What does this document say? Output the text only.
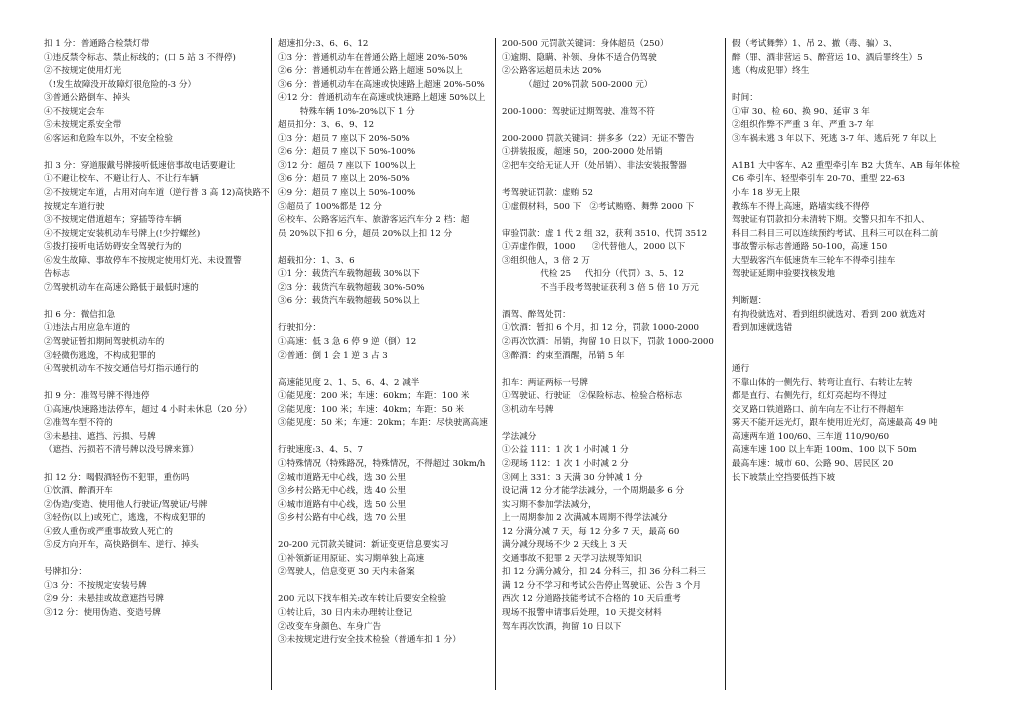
扣 1 分：普通路合检禁灯带
①违反禁令标志、禁止标线的；(口 5 站 3 不得停)
②不按规定使用灯光
（!发生故障没开故障灯很危险的-3 分）
③普通公路倒车、掉头
④不按规定会车
⑤未按规定系安全带
⑥客运和危险车以外，不安全检验
扣 3 分：穿道服戴号牌接听低速倍事故电话要避让
①不避让校车、不避让行人、不让行车辆
②不按规定车道，占用对向车道（逆行普 3 高 12)高快路不
按规定车道行驶
③不按规定借道超车；穿插等待车辆
④不按规定安装机动车号牌上(!少拧螺丝)
⑤拨打接听电话妨碍安全驾驶行为的
⑥发生故障、事故停车不按规定使用灯光、未设置警
告标志
⑦驾驶机动车在高速公路低于最低时速的
扣 6 分：微信扣急
①违法占用应急车道的
②驾驶证暂扣期间驾驶机动车的
③轻微伤逃逸，不构成犯罪的
④驾驶机动车不按交通信号灯指示通行的
扣 9 分：准驾号牌不得违停
①高速/快速路违法停车，超过 4 小时未休息（20 分）
②准驾车型不符的
③未悬挂、遮挡、污损、号牌
（遮挡、污损若不清号牌以没号牌来算）
扣 12 分：喝假酒轻伤不犯罪，重伤吗
①饮酒、醉酒开车
②伪造/变造、使用他人行驶证/驾驶证/号牌
③轻伤(以上)或死亡，逃逸，不构成犯罪的
④致人重伤或严重事故致人死亡的
⑤反方向开车，高快路倒车、逆行、掉头
号牌扣分：
①3 分：不按规定安装号牌
②9 分：未悬挂或故意遮挡号牌
③12 分：使用伪造、变造号牌
超速扣分:3、6、6、12
①3 分：普通机动车在普通公路上超速 20%-50%
②6 分：普通机动车在普通公路上超速 50%以上
③6 分：普通机动车在高速或快速路上超速 20%-50%
④12 分：普通机动车在高速或快速路上超速 50%以上
特殊车辆 10%-20%以下 1 分
超员扣分：3、6、9、12
①3 分：超员 7 座以下 20%-50%
②6 分：超员 7 座以下 50%-100%
③12 分：超员 7 座以下 100%以上
③6 分：超员 7 座以上 20%-50%
④9 分：超员 7 座以上 50%-100%
⑤超员了 100%都是 12 分
⑥校车、公路客运汽车、旅游客运汽车分 2 档：超
员 20%以下扣 6 分，超员 20%以上扣 12 分
超载扣分：1、3、6
①1 分：载货汽车载物超载 30%以下
②3 分：载货汽车载物超载 30%-50%
③6 分：载货汽车载物超载 50%以上
行驶扣分：
①高速：低 3 急 6 停 9 逆（倒）12
②普通：倒 1 会 1 逆 3 占 3
高速能见度 2、1、5、6、4、2 减半
①能见度：200 米；车速：60km；车距：100 米
②能见度：100 米；车速：40km；车距：50 米
③能见度：50 米；车速：20km；车距：尽快驶离高速
行驶速度:3、4、5、7
①特殊情况（特殊路况，特殊情况，不得超过 30km/h
②城市道路无中心线，选 30 公里
③乡村公路无中心线，选 40 公里
④城市道路有中心线，选 50 公里
⑤乡村公路有中心线，选 70 公里
20-200 元罚款关键词：新证变更信息要实习
①补领新证用原证、实习期单独上高速
②驾驶人，信息变更 30 天内未备案
200 元以下找车相关:改车转让后要安全检验
①转让后，30 日内未办理转让登记
②改变车身颜色、车身广告
③未按规定进行安全技术检验（普通车扣 1 分）
200-500 元罚款关键词：身体超员（250）
①逾期、隐瞒、补领、身体不适合仍驾驶
②公路客运超员未达 20%
（超过 20%罚款 500-2000 元）
200-1000：驾驶证过期驾驶、准驾不符
200-2000 罚款关键词：拼多多（22）无证不警告
①拼装报废，超速 50，200-2000 处吊销
②把车交给无证人开（处吊销）、非法安装报警器
考驾驶证罚款：虚贿 52
①虚假材料，500 下   ②考试贿赂、舞弊 2000 下
审验罚款：虚 1 代 2 组 32，获利 3510、代罚 3512
①弄虚作假，1000      ②代替他人，2000 以下
③组织他人，3 倍 2 万
代检 25     代扣分（代罚）3、5、12
不当手段考驾驶证获利 3 倍 5 倍 10 万元
酒驾、醉驾处罚：
①饮酒：暂扣 6 个月，扣 12 分，罚款 1000-2000
②再次饮酒：吊销，拘留 10 日以下，罚款 1000-2000
③醉酒：约束至酒醒，吊销 5 年
扣车：两证两标一号牌
①驾驶证、行驶证   ②保险标志、检验合格标志
③机动车号牌
学法减分
①公益 111：1 次 1 小时减 1 分
②现场 112：1 次 1 小时减 2 分
③网上 331：3 天满 30 分钟减 1 分
设记满 12 分才能学法减分，一个周期最多 6 分
实习期不参加学法减分，
上一周期参加 2 次满减本周期不得学法减分
12 分满分减 7 天，每 12 分多 7 天，最高 60
满分减分现场不少 2 天线上 3 天
交通事故不犯罪 2 天学习法规等知识
扣 12 分满分减分，扣 24 分科三，扣 36 分科二科三
满 12 分不学习和考试公告停止驾驶证、公告 3 个月
西次 12 分道路技能考试不合格的 10 天后重考
现场不报警申请事后处理，10 天提交材料
驾车再次饮酒，拘留 10 日以下
假（考试舞弊）1、吊 2、撤（毒、骗）3、
醉（罪、酒非营运 5、醉营运 10、酒后罪终生）5
逃（构成犯罪）终生
时间：
①审 30、检 60、换 90、延审 3 年
②组织作弊不严重 3 年、严重 3-7 年
③车祸未逃 3 年以下、死逃 3-7 年、逃后死 7 年以上
A1B1 大中客车、A2 重型牵引车 B2 大货车、AB 每年体检
C6 牵引车、轻型牵引车 20-70、重型 22-63
小车 18 岁无上限
教练车不得上高速，路墙实线不得停
驾驶证有罚款扣分未清转下期。交警只扣车不扣人、
科目二科目三可以连续预约考试、且科三可以在科二前
事故警示标志普通路 50-100，高速 150
大型载客汽车低速货车三轮车不得牵引挂车
驾驶证延期申验要找核发地
判断题：
有拘役就选对、看到组织就选对、看到 200 就选对
看到加速就选错
通行
不靠山体的一侧先行、转弯让直行、右转让左转
都是直行、右侧先行，红灯亮起均不得过
交叉路口铁道路口、前车向左不让行不得超车
雾天不能开远光灯，跟车使用近光灯，高速最高 49 吨
高速两车道 100/60、三车道 110/90/60
高速车速 100 以上车距 100m、100 以下 50m
最高车速：城市 60、公路 90、居民区 20
长下坡禁止空挡要低挡下坡
